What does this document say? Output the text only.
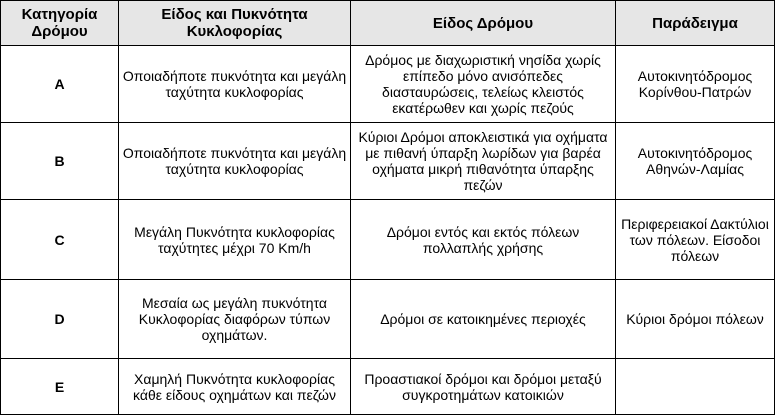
Κατηγορία Δρόμου	Είδος και Πυκνότητα Κυκλοφορίας	Είδος Δρόμου	Παράδειγμα
A	Οποιαδήποτε πυκνότητα και μεγάλη ταχύτητα κυκλοφορίας	Δρόμος με διαχωριστική νησίδα χωρίς επίπεδο μόνο ανισόπεδες διασταυρώσεις, τελείως κλειστός εκατέρωθεν και χωρίς πεζούς	Αυτοκινητόδρομος Κορίνθου-Πατρών
B	Οποιαδήποτε πυκνότητα και μεγάλη ταχύτητα κυκλοφορίας	Κύριοι Δρόμοι αποκλειστικά για οχήματα με πιθανή ύπαρξη λωρίδων για βαρέα οχήματα μικρή πιθανότητα ύπαρξης πεζών	Αυτοκινητόδρομος Αθηνών-Λαμίας
C	Μεγάλη Πυκνότητα κυκλοφορίας ταχύτητες μέχρι 70 Km/h	Δρόμοι εντός και εκτός πόλεων πολλαπλής χρήσης	Περιφερειακοί Δακτύλιοι των πόλεων. Είσοδοι πόλεων
D	Μεσαία ως μεγάλη πυκνότητα Κυκλοφορίας διαφόρων τύπων οχημάτων.	Δρόμοι σε κατοικημένες περιοχές	Κύριοι δρόμοι πόλεων
E	Χαμηλή Πυκνότητα κυκλοφορίας κάθε είδους οχημάτων και πεζών	Προαστιακοί δρόμοι και δρόμοι μεταξύ συγκροτημάτων κατοικιών	
